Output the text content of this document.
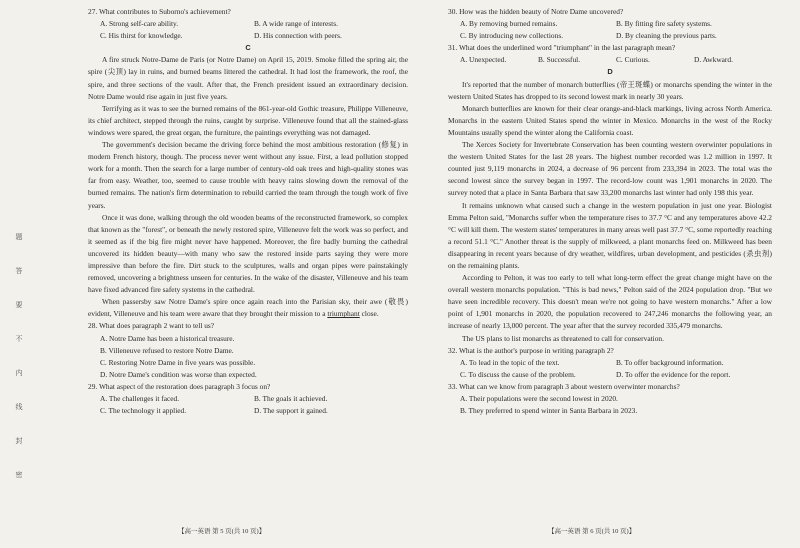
题
答
要
不
内
线
封
密

27. What contributes to Suborno's achievement?

A. Strong self-care ability.	B. A wide range of interests.
C. His thirst for knowledge.	D. His connection with peers.

C

A fire struck Notre-Dame de Paris (or Notre Dame) on April 15, 2019. Smoke filled the spring air, the spire (尖顶) lay in ruins, and burned beams littered the cathedral. It had lost the framework, the roof, the spire, and three sections of the vault. After that, the French president issued an extraordinary decision. Notre Dame would rise again in just five years.

Terrifying as it was to see the burned remains of the 861-year-old Gothic treasure, Philippe Villeneuve, its chief architect, stepped through the ruins, caught by surprise. Villeneuve found that all the stained-glass windows were spared, the great organ, the furniture, the paintings everything was not damaged.

The government's decision became the driving force behind the most ambitious restoration (修复) in modern French history, though. The process never went without any issue. First, a lead pollution stopped work for a month. Then the search for a large number of century-old oak trees and high-quality stones was far from easy. Weather, too, seemed to cause trouble with heavy rains slowing down the removal of the burned remains. The nation's firm determination to rebuild carried the team through the tough work of five years.

Once it was done, walking through the old wooden beams of the reconstructed framework, so complex that known as the "forest", or beneath the newly restored spire, Villeneuve felt the work was so perfect, and it seemed as if the big fire might never have happened. Moreover, the fire badly burning the cathedral uncovered its hidden beauty—with many who saw the restored inside parts saying they were more impressive than before the fire. Dirt stuck to the sculptures, walls and organ pipes were painstakingly removed, uncovering a brightness unseen for centuries. In the wake of the disaster, Villeneuve and his team have fixed advanced fire safety systems in the cathedral.

When passersby saw Notre Dame's spire once again reach into the Parisian sky, their awe (敬畏) evident, Villeneuve and his team were aware that they brought their mission to a triumphant close.

28. What does paragraph 2 want to tell us?

A. Notre Dame has been a historical treasure.

B. Villeneuve refused to restore Notre Dame.

C. Restoring Notre Dame in five years was possible.

D. Notre Dame's condition was worse than expected.

29. What aspect of the restoration does paragraph 3 focus on?

A. The challenges it faced.	B. The goals it achieved.
C. The technology it applied.	D. The support it gained.

30. How was the hidden beauty of Notre Dame uncovered?

A. By removing burned remains.	B. By fitting fire safety systems.
C. By introducing new collections.	D. By cleaning the previous parts.

31. What does the underlined word "triumphant" in the last paragraph mean?

A. Unexpected.	B. Successful.	C. Curious.	D. Awkward.

D

It's reported that the number of monarch butterflies (帝王斑蝶) or monarchs spending the winter in the western United States has dropped to its second lowest mark in nearly 30 years.

Monarch butterflies are known for their clear orange-and-black markings, living across North America. Monarchs in the eastern United States spend the winter in Mexico. Monarchs in the west of the Rocky Mountains usually spend the winter along the California coast.

The Xerces Society for Invertebrate Conservation has been counting western overwinter populations in the western United States for the last 28 years. The highest number recorded was 1.2 million in 1997. It counted just 9,119 monarchs in 2024, a decrease of 96 percent from 233,394 in 2023. The total was the second lowest since the survey began in 1997. The record-low count was 1,901 monarchs in 2020. The survey noted that a place in Santa Barbara that saw 33,200 monarchs last winter had only 198 this year.

It remains unknown what caused such a change in the western population in just one year. Biologist Emma Pelton said, "Monarchs suffer when the temperature rises to 37.7 °C and any temperatures above 42.2 °C will kill them. The western states' temperatures in many areas well past 37.7 °C, some reportedly reaching a record 51.1 °C." Another threat is the supply of milkweed, a plant monarchs feed on. Milkweed has been disappearing in recent years because of dry weather, wildfires, urban development, and pesticides (杀虫剂) on the remaining plants.

According to Pelton, it was too early to tell what long-term effect the great change might have on the overall western monarchs population. "This is bad news," Pelton said of the 2024 population drop. "But we have seen incredible recovery. This doesn't mean we're not going to have western monarchs." After a low point of 1,901 monarchs in 2020, the population recovered to 247,246 monarchs the following year, an increase of nearly 13,000 percent. The year after that the survey recorded 335,479 monarchs.

The US plans to list monarchs as threatened to call for conservation.

32. What is the author's purpose in writing paragraph 2?

A. To lead in the topic of the text.	B. To offer background information.
C. To discuss the cause of the problem.	D. To offer the evidence for the report.

33. What can we know from paragraph 3 about western overwinter monarchs?

A. Their populations were the second lowest in 2020.

B. They preferred to spend winter in Santa Barbara in 2023.

【高一英语 第 5 页(共 10 页)】	【高一英语 第 6 页(共 10 页)】
